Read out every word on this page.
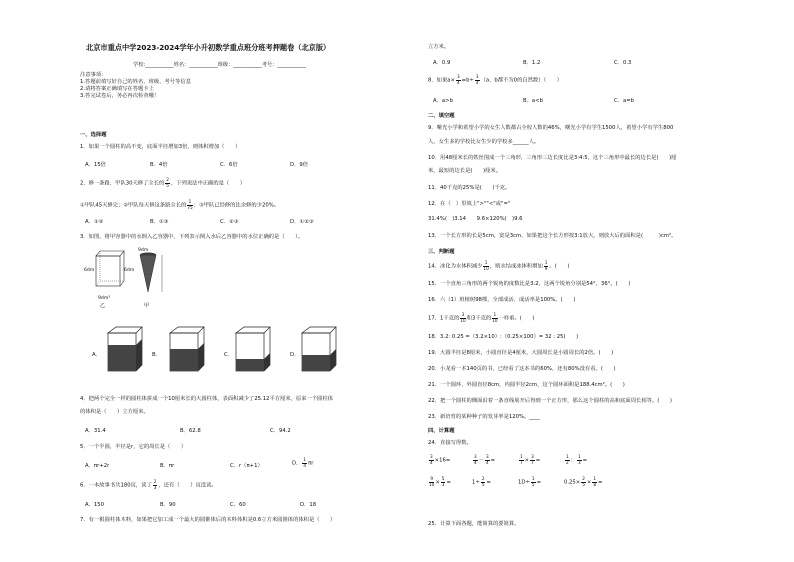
北京市重点中学2023-2024学年小升初数学重点班分班考押题卷（北京版）
学校:___________姓名：___________班级：___________考号：___________
注意事项：
1.答题前填写好自己的姓名、班级、考号等信息
2.请将答案正确填写在答题卡上
3.答完试卷后，务必再次检查哦！
一、选择题
1．如果一个圆柱的高不变，底面半径增加3倍，则体积增加（　　）
A．15倍	B．4倍	C．6倍	D．9倍
2．修一条路，甲队30天修了全长的 $\frac{2}{5}$ ，下列说法中正确的是（　　）
①甲队45天修完；②甲队每天修这条路全长的 $\frac{1}{75}$ ；③甲队已经修的比余修的少20%。
A．①②	B．①③	C．②③	D．①②③
3．如图，将甲容器中的水倒入乙容器中，下列表示倒入水后乙容器中的水位正确的是（　　）。
6dm	6dm
9dm
9dm²
乙	甲
A．	B．	C．	D．
4．把两个完全一样的圆柱体拼成一个10厘米长的大圆柱体，表面积减少了25.12平方厘米，原来一个圆柱体
的体积是（　　）立方厘米。
A．31.4	B．62.8	C．94.2
5．一个半圆，半径是r，它的周长是（　　）
A．πr+2r	B．πr	C．r（π+1）	D． $\frac{1}{4}$ πr
6．一本故事书共180页，读了 $\frac{2}{3}$ ，还有（　　）页没读。
A．150	B．90	C．60	D．18
7．有一根圆柱体木料，如果把它加工成一个最大的圆锥体后的木料体积是0.6立方米圆锥体的体积是（　　）
立方米。
A．0.9	B．1.2	C．0.3
8．如果$a\times \frac{3}{4} =b\div \frac{3}{4} (a$、b都不为0的自然数）（　　）
A．a>b	B．a<b	C．a=b
二、填空题
9．曙光小学和希望小学的女生人数都占全校人数的46%，曙光小学有学生1500人，希望小学有学生800
人，女生多的学校比女生少的学校多______人。
10．用48厘米长的铁丝围成一个三角形，三角形三边长度比是3:4:5，这个三角形中最长的边长是(　　)厘
米，最短的边长是(　　)厘米。
11．40千克的25%是(　　)千克。
12．在（　）里填上">""<"或"="
31.4%(　)3.14　　9.6×120%(　)9.6
13．一个长方形的长是5cm，宽是3cm，如果把这个长方形按3:1放大，则放大后的面积是(　　　)cm²。
三、判断题
14．冰化为水体积减少 $\frac{1}{10}$ ，则水结成冰体积增加 $\frac{1}{9}$ 。(　　)
15．一个直角三角形的两个锐角的度数比是3:2，这两个锐角分别是54°，36°。(　　)
16．六（1）班植树98棵，全部成活，成活率是100%。(　　)
17．1千克的 $\frac{3}{10}$ 和3千克的 $\frac{1}{10}$ 一样重。(　　)
18．3.2: 0.25 =（3.2×10）:（0.25×100）= 32 : 25(　　)
19．大圆半径是8厘米，小圆直径是4厘米，大圆周长是小圆周长的2倍。(　　)
20．小龙看一本140页的书，已经看了这本书的60%，还有80%没有看。(　　)
21．一个圆环，外圆直径8cm，内圆半径2cm，这个圆环面积是188.4cm²。(　　)
22．把一个圆柱的侧面沿着一条直线展开后得到一个正方形，那么这个圆柱的高和底面周长相等。(　　)
23．新培育的某种种子的发芽率是120%。____
四、计算题
24．直接写得数。
$\frac{3}{4} \times 16=$	$\frac{3}{4} - \frac{3}{4}$ =	$\frac{1}{7} \times \frac{3}{7}$ =	$\frac{1}{2}$ ： $\frac{1}{3}$ =
$\frac{9}{10} \times \frac{5}{3}$ =	$1\div \frac{2}{5}$ =	$1D\div \frac{1}{5}$ =	$0.25\times \frac{2}{5} \times \frac{1}{8}$ =
25．计算下面各题，能简算的要简算。
